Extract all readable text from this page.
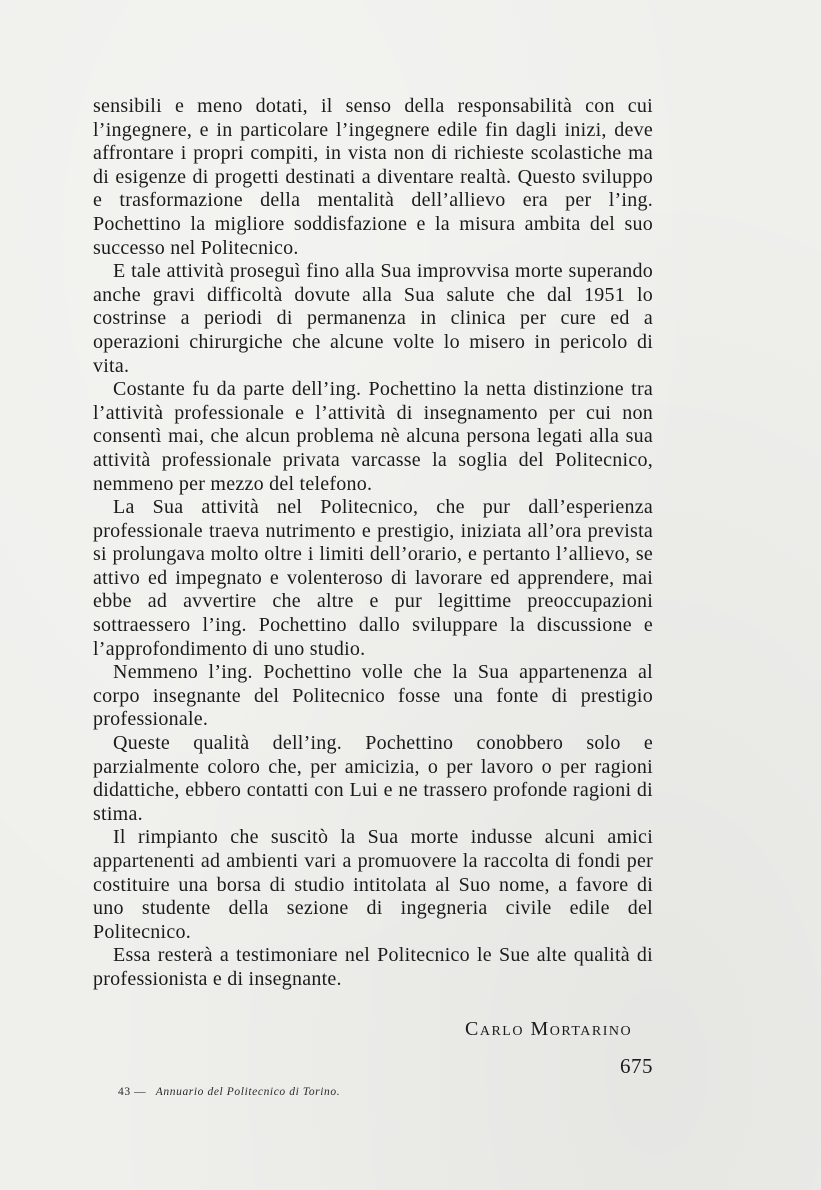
sensibili e meno dotati, il senso della responsabilità con cui l’ingegnere, e in particolare l’ingegnere edile fin dagli inizi, deve affrontare i propri compiti, in vista non di richieste scolastiche ma di esigenze di progetti destinati a diventare realtà. Questo sviluppo e trasformazione della mentalità dell’allievo era per l’ing. Pochettino la migliore soddisfazione e la misura ambita del suo successo nel Politecnico.

E tale attività proseguì fino alla Sua improvvisa morte superando anche gravi difficoltà dovute alla Sua salute che dal 1951 lo costrinse a periodi di permanenza in clinica per cure ed a operazioni chirurgiche che alcune volte lo misero in pericolo di vita.

Costante fu da parte dell’ing. Pochettino la netta distinzione tra l’attività professionale e l’attività di insegnamento per cui non consentì mai, che alcun problema nè alcuna persona legati alla sua attività professionale privata varcasse la soglia del Politecnico, nemmeno per mezzo del telefono.

La Sua attività nel Politecnico, che pur dall’esperienza professionale traeva nutrimento e prestigio, iniziata all’ora prevista si prolungava molto oltre i limiti dell’orario, e pertanto l’allievo, se attivo ed impegnato e volenteroso di lavorare ed apprendere, mai ebbe ad avvertire che altre e pur legittime preoccupazioni sottraessero l’ing. Pochettino dallo sviluppare la discussione e l’approfondimento di uno studio.

Nemmeno l’ing. Pochettino volle che la Sua appartenenza al corpo insegnante del Politecnico fosse una fonte di prestigio professionale.

Queste qualità dell’ing. Pochettino conobbero solo e parzialmente coloro che, per amicizia, o per lavoro o per ragioni didattiche, ebbero contatti con Lui e ne trassero profonde ragioni di stima.

Il rimpianto che suscitò la Sua morte indusse alcuni amici appartenenti ad ambienti vari a promuovere la raccolta di fondi per costituire una borsa di studio intitolata al Suo nome, a favore di uno studente della sezione di ingegneria civile edile del Politecnico.

Essa resterà a testimoniare nel Politecnico le Sue alte qualità di professionista e di insegnante.

Carlo Mortarino
675
43 — Annuario del Politecnico di Torino.
